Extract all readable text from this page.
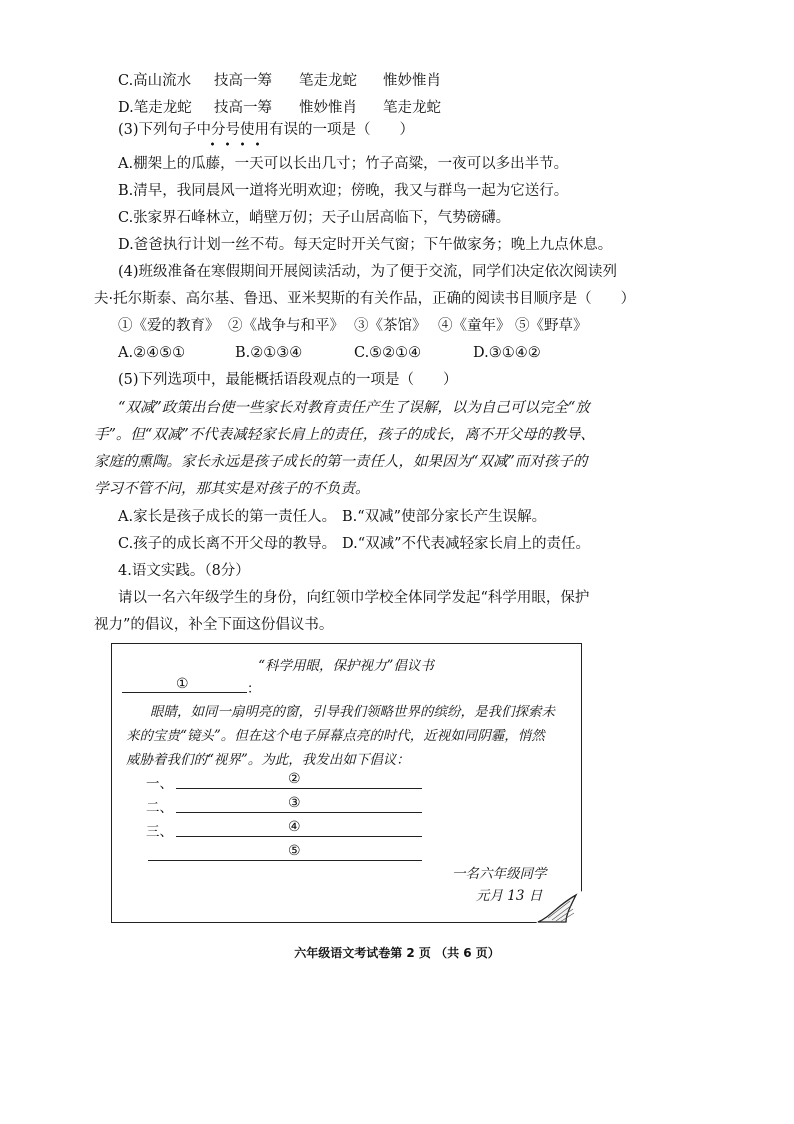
C.高山流水 技高一筹 笔走龙蛇 惟妙惟肖
D.笔走龙蛇 技高一筹 惟妙惟肖 笔走龙蛇
(3)下列句子中分号使用有误的一项是（　　）
A.棚架上的瓜藤，一天可以长出几寸；竹子高粱，一夜可以多出半节。
B.清早，我同晨风一道将光明欢迎；傍晚，我又与群鸟一起为它送行。
C.张家界石峰林立，峭壁万仞；天子山居高临下，气势磅礴。
D.爸爸执行计划一丝不苟。每天定时开关气窗；下午做家务；晚上九点休息。
(4)班级准备在寒假期间开展阅读活动，为了便于交流，同学们决定依次阅读列
夫·托尔斯泰、高尔基、鲁迅、亚米契斯的有关作品，正确的阅读书目顺序是（　　）
①《爱的教育》 ②《战争与和平》 ③《茶馆》 ④《童年》 ⑤《野草》
A.②④⑤①	B.②①③④	C.⑤②①④	D.③①④②
(5)下列选项中，最能概括语段观点的一项是（　　）
“双减”政策出台使一些家长对教育责任产生了误解，以为自己可以完全“放
手”。但“双减”不代表减轻家长肩上的责任，孩子的成长，离不开父母的教导、
家庭的熏陶。家长永远是孩子成长的第一责任人，如果因为“双减”而对孩子的
学习不管不问，那其实是对孩子的不负责。
A.家长是孩子成长的第一责任人。 B.“双减”使部分家长产生误解。
C.孩子的成长离不开父母的教导。 D.“双减”不代表减轻家长肩上的责任。
4.语文实践。（8分）
请以一名六年级学生的身份，向红领巾学校全体同学发起“科学用眼，保护
视力”的倡议，补全下面这份倡议书。
“科学用眼，保护视力”倡议书
①	：
眼睛，如同一扇明亮的窗，引导我们领略世界的缤纷，是我们探索未
来的宝贵“镜头”。但在这个电子屏幕点亮的时代，近视如同阴霾，悄然
威胁着我们的“视界”。为此，我发出如下倡议：
一、	②
二、	③
三、	④
⑤
一名六年级同学
元月 13 日
六年级语文考试卷第 2 页 （共 6 页）
